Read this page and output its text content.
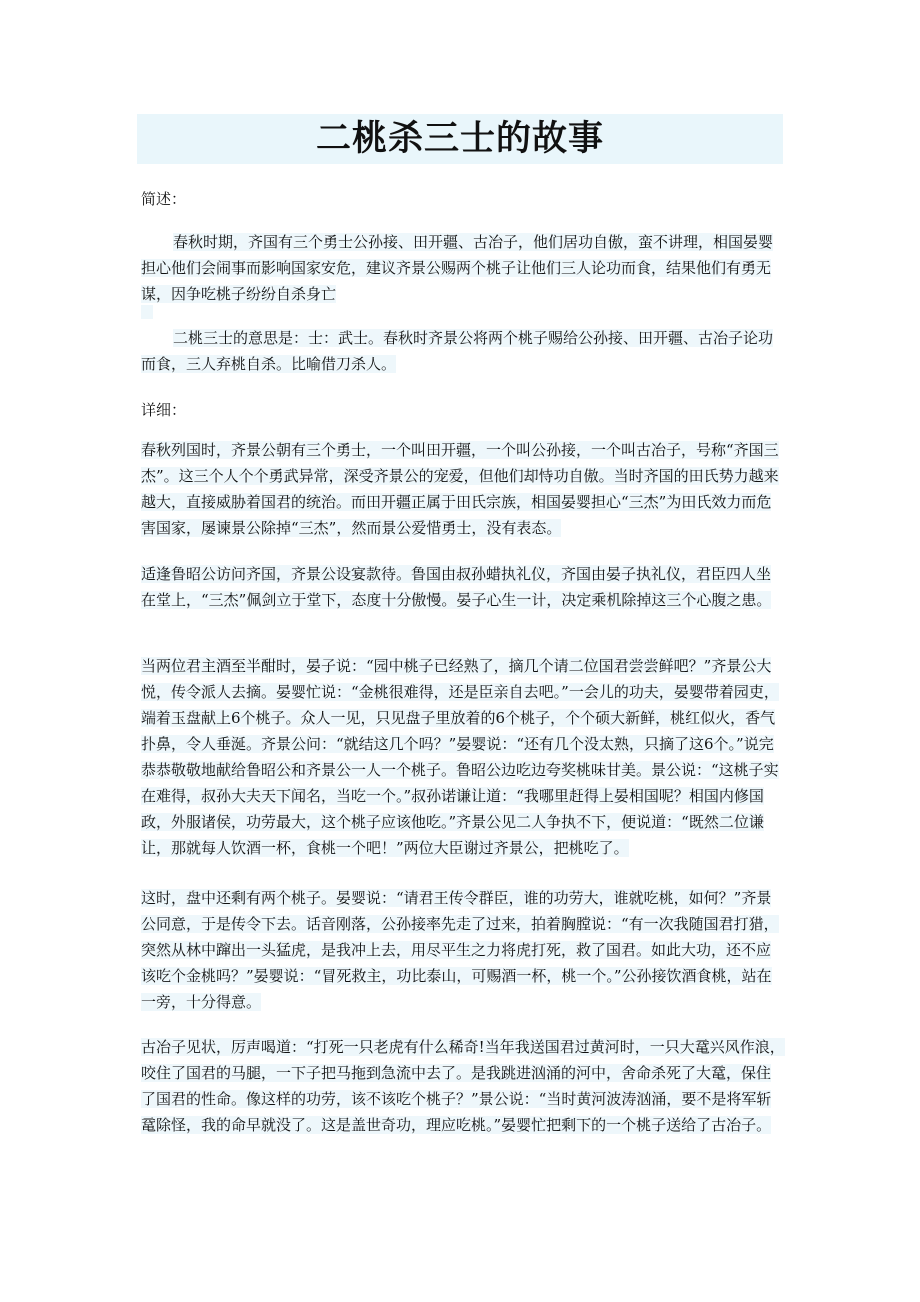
二桃杀三士的故事

简述：

春秋时期，齐国有三个勇士公孙接、田开疆、古冶子，他们居功自傲，蛮不讲理，相国晏婴担心他们会闹事而影响国家安危，建议齐景公赐两个桃子让他们三人论功而食，结果他们有勇无谋，因争吃桃子纷纷自杀身亡

二桃三士的意思是：士：武士。春秋时齐景公将两个桃子赐给公孙接、田开疆、古冶子论功而食，三人弃桃自杀。比喻借刀杀人。

详细：

春秋列国时，齐景公朝有三个勇士，一个叫田开疆，一个叫公孙接，一个叫古冶子，号称“齐国三杰”。这三个人个个勇武异常，深受齐景公的宠爱，但他们却恃功自傲。当时齐国的田氏势力越来越大，直接威胁着国君的统治。而田开疆正属于田氏宗族，相国晏婴担心“三杰”为田氏效力而危害国家，屡谏景公除掉“三杰”，然而景公爱惜勇士，没有表态。

适逢鲁昭公访问齐国，齐景公设宴款待。鲁国由叔孙蜡执礼仪，齐国由晏子执礼仪，君臣四人坐在堂上，“三杰”佩剑立于堂下，态度十分傲慢。晏子心生一计，决定乘机除掉这三个心腹之患。

当两位君主酒至半酣时，晏子说：“园中桃子已经熟了，摘几个请二位国君尝尝鲜吧？”齐景公大悦，传令派人去摘。晏婴忙说：“金桃很难得，还是臣亲自去吧。”一会儿的功夫，晏婴带着园吏，端着玉盘献上6个桃子。众人一见，只见盘子里放着的6个桃子，个个硕大新鲜，桃红似火，香气扑鼻，令人垂涎。齐景公问：“就结这几个吗？”晏婴说：“还有几个没太熟，只摘了这6个。”说完恭恭敬敬地献给鲁昭公和齐景公一人一个桃子。鲁昭公边吃边夸奖桃味甘美。景公说：“这桃子实在难得，叔孙大夫天下闻名，当吃一个。”叔孙诺谦让道：“我哪里赶得上晏相国呢？相国内修国政，外服诸侯，功劳最大，这个桃子应该他吃。”齐景公见二人争执不下，便说道：“既然二位谦让，那就每人饮酒一杯，食桃一个吧！”两位大臣谢过齐景公，把桃吃了。

这时，盘中还剩有两个桃子。晏婴说：“请君王传令群臣，谁的功劳大，谁就吃桃，如何？”齐景公同意，于是传令下去。话音刚落，公孙接率先走了过来，拍着胸膛说：“有一次我随国君打猎，突然从林中蹿出一头猛虎，是我冲上去，用尽平生之力将虎打死，救了国君。如此大功，还不应该吃个金桃吗？”晏婴说：“冒死救主，功比泰山，可赐酒一杯，桃一个。”公孙接饮酒食桃，站在一旁，十分得意。

古冶子见状，厉声喝道：“打死一只老虎有什么稀奇!当年我送国君过黄河时，一只大鼋兴风作浪，咬住了国君的马腿，一下子把马拖到急流中去了。是我跳进汹涌的河中，舍命杀死了大鼋，保住了国君的性命。像这样的功劳，该不该吃个桃子？”景公说：“当时黄河波涛汹涌，要不是将军斩鼋除怪，我的命早就没了。这是盖世奇功，理应吃桃。”晏婴忙把剩下的一个桃子送给了古冶子。
